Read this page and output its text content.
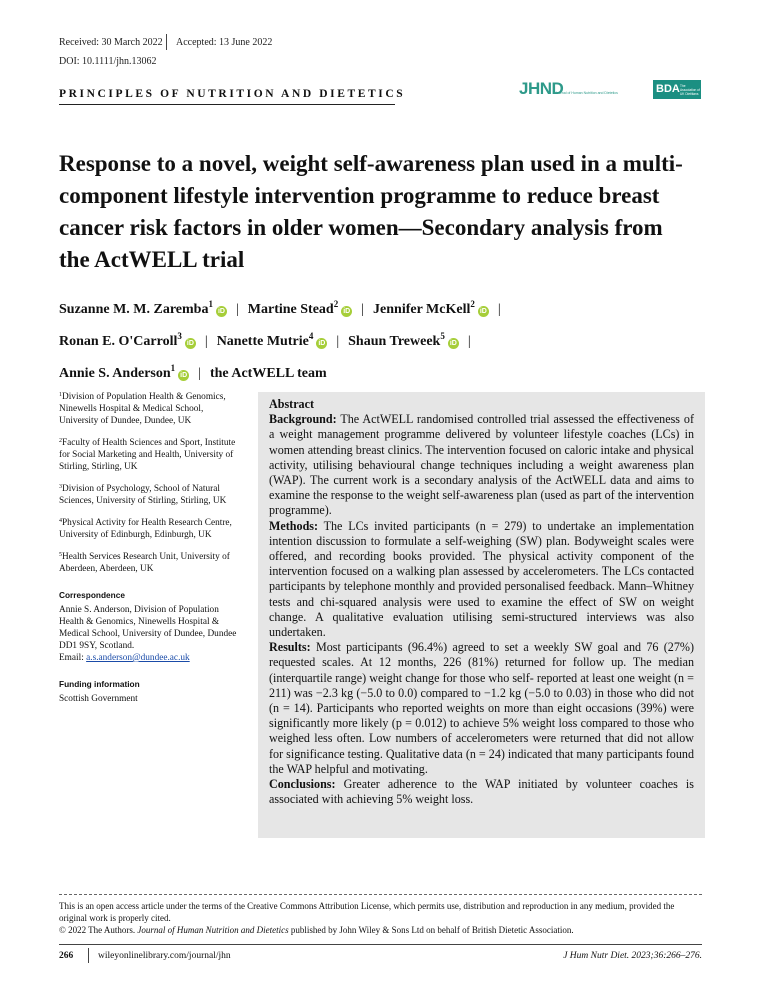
Received: 30 March 2022 Accepted: 13 June 2022
DOI: 10.1111/jhn.13062
PRINCIPLES OF NUTRITION AND DIETETICS	JHND
Journal of Human Nutrition and Dietetics	BDA The Association of UK Dietitians
Response to a novel, weight self-awareness plan used in a multi-component lifestyle intervention programme to reduce breast cancer risk factors in older women—Secondary analysis from the ActWELL trial
Suzanne M. M. Zaremba$^1$iD | Martine Stead$^2$iD | Jennifer McKell$^2$iD |
Ronan E. O'Carroll$^3$iD | Nanette Mutrie$^4$iD | Shaun Treweek$^5$iD |
Annie S. Anderson$^1$iD | the ActWELL team
$^1$Division of Population Health & Genomics, Ninewells Hospital & Medical School, University of Dundee, Dundee, UK
$^2$Faculty of Health Sciences and Sport, Institute for Social Marketing and Health, University of Stirling, Stirling, UK
$^3$Division of Psychology, School of Natural Sciences, University of Stirling, Stirling, UK
$^4$Physical Activity for Health Research Centre, University of Edinburgh, Edinburgh, UK
$^5$Health Services Research Unit, University of Aberdeen, Aberdeen, UK
Correspondence
Annie S. Anderson, Division of Population Health & Genomics, Ninewells Hospital & Medical School, University of Dundee, Dundee DD1 9SY, Scotland.
Email: a.s.anderson@dundee.ac.uk
Funding information
Scottish Government

Abstract

Background: The ActWELL randomised controlled trial assessed the effectiveness of a weight management programme delivered by volunteer lifestyle coaches (LCs) in women attending breast clinics. The intervention focused on caloric intake and physical activity, utilising behavioural change techniques including a weight awareness plan (WAP). The current work is a secondary analysis of the ActWELL data and aims to examine the response to the weight self-awareness plan (used as part of the intervention programme).

Methods: The LCs invited participants (n = 279) to undertake an implementation intention discussion to formulate a self-weighing (SW) plan. Bodyweight scales were offered, and recording books provided. The physical activity component of the intervention focused on a walking plan assessed by accelerometers. The LCs contacted participants by telephone monthly and provided personalised feedback. Mann–Whitney tests and chi-squared analysis were used to examine the effect of SW on weight change. A qualitative evaluation utilising semi-structured interviews was also undertaken.

Results: Most participants (96.4%) agreed to set a weekly SW goal and 76 (27%) requested scales. At 12 months, 226 (81%) returned for follow up. The median (interquartile range) weight change for those who self- reported at least one weight (n = 211) was −2.3 kg (−5.0 to 0.0) compared to −1.2 kg (−5.0 to 0.03) in those who did not (n = 14). Participants who reported weights on more than eight occasions (39%) were significantly more likely (p = 0.012) to achieve 5% weight loss compared to those who weighed less often. Low numbers of accelerometers were returned that did not allow for significance testing. Qualitative data (n = 24) indicated that many participants found the WAP helpful and motivating.

Conclusions: Greater adherence to the WAP initiated by volunteer coaches is associated with achieving 5% weight loss.

This is an open access article under the terms of the Creative Commons Attribution License, which permits use, distribution and reproduction in any medium, provided the original work is properly cited.
© 2022 The Authors. Journal of Human Nutrition and Dietetics published by John Wiley & Sons Ltd on behalf of British Dietetic Association.
266	wileyonlinelibrary.com/journal/jhn	J Hum Nutr Diet. 2023;36:266–276.
